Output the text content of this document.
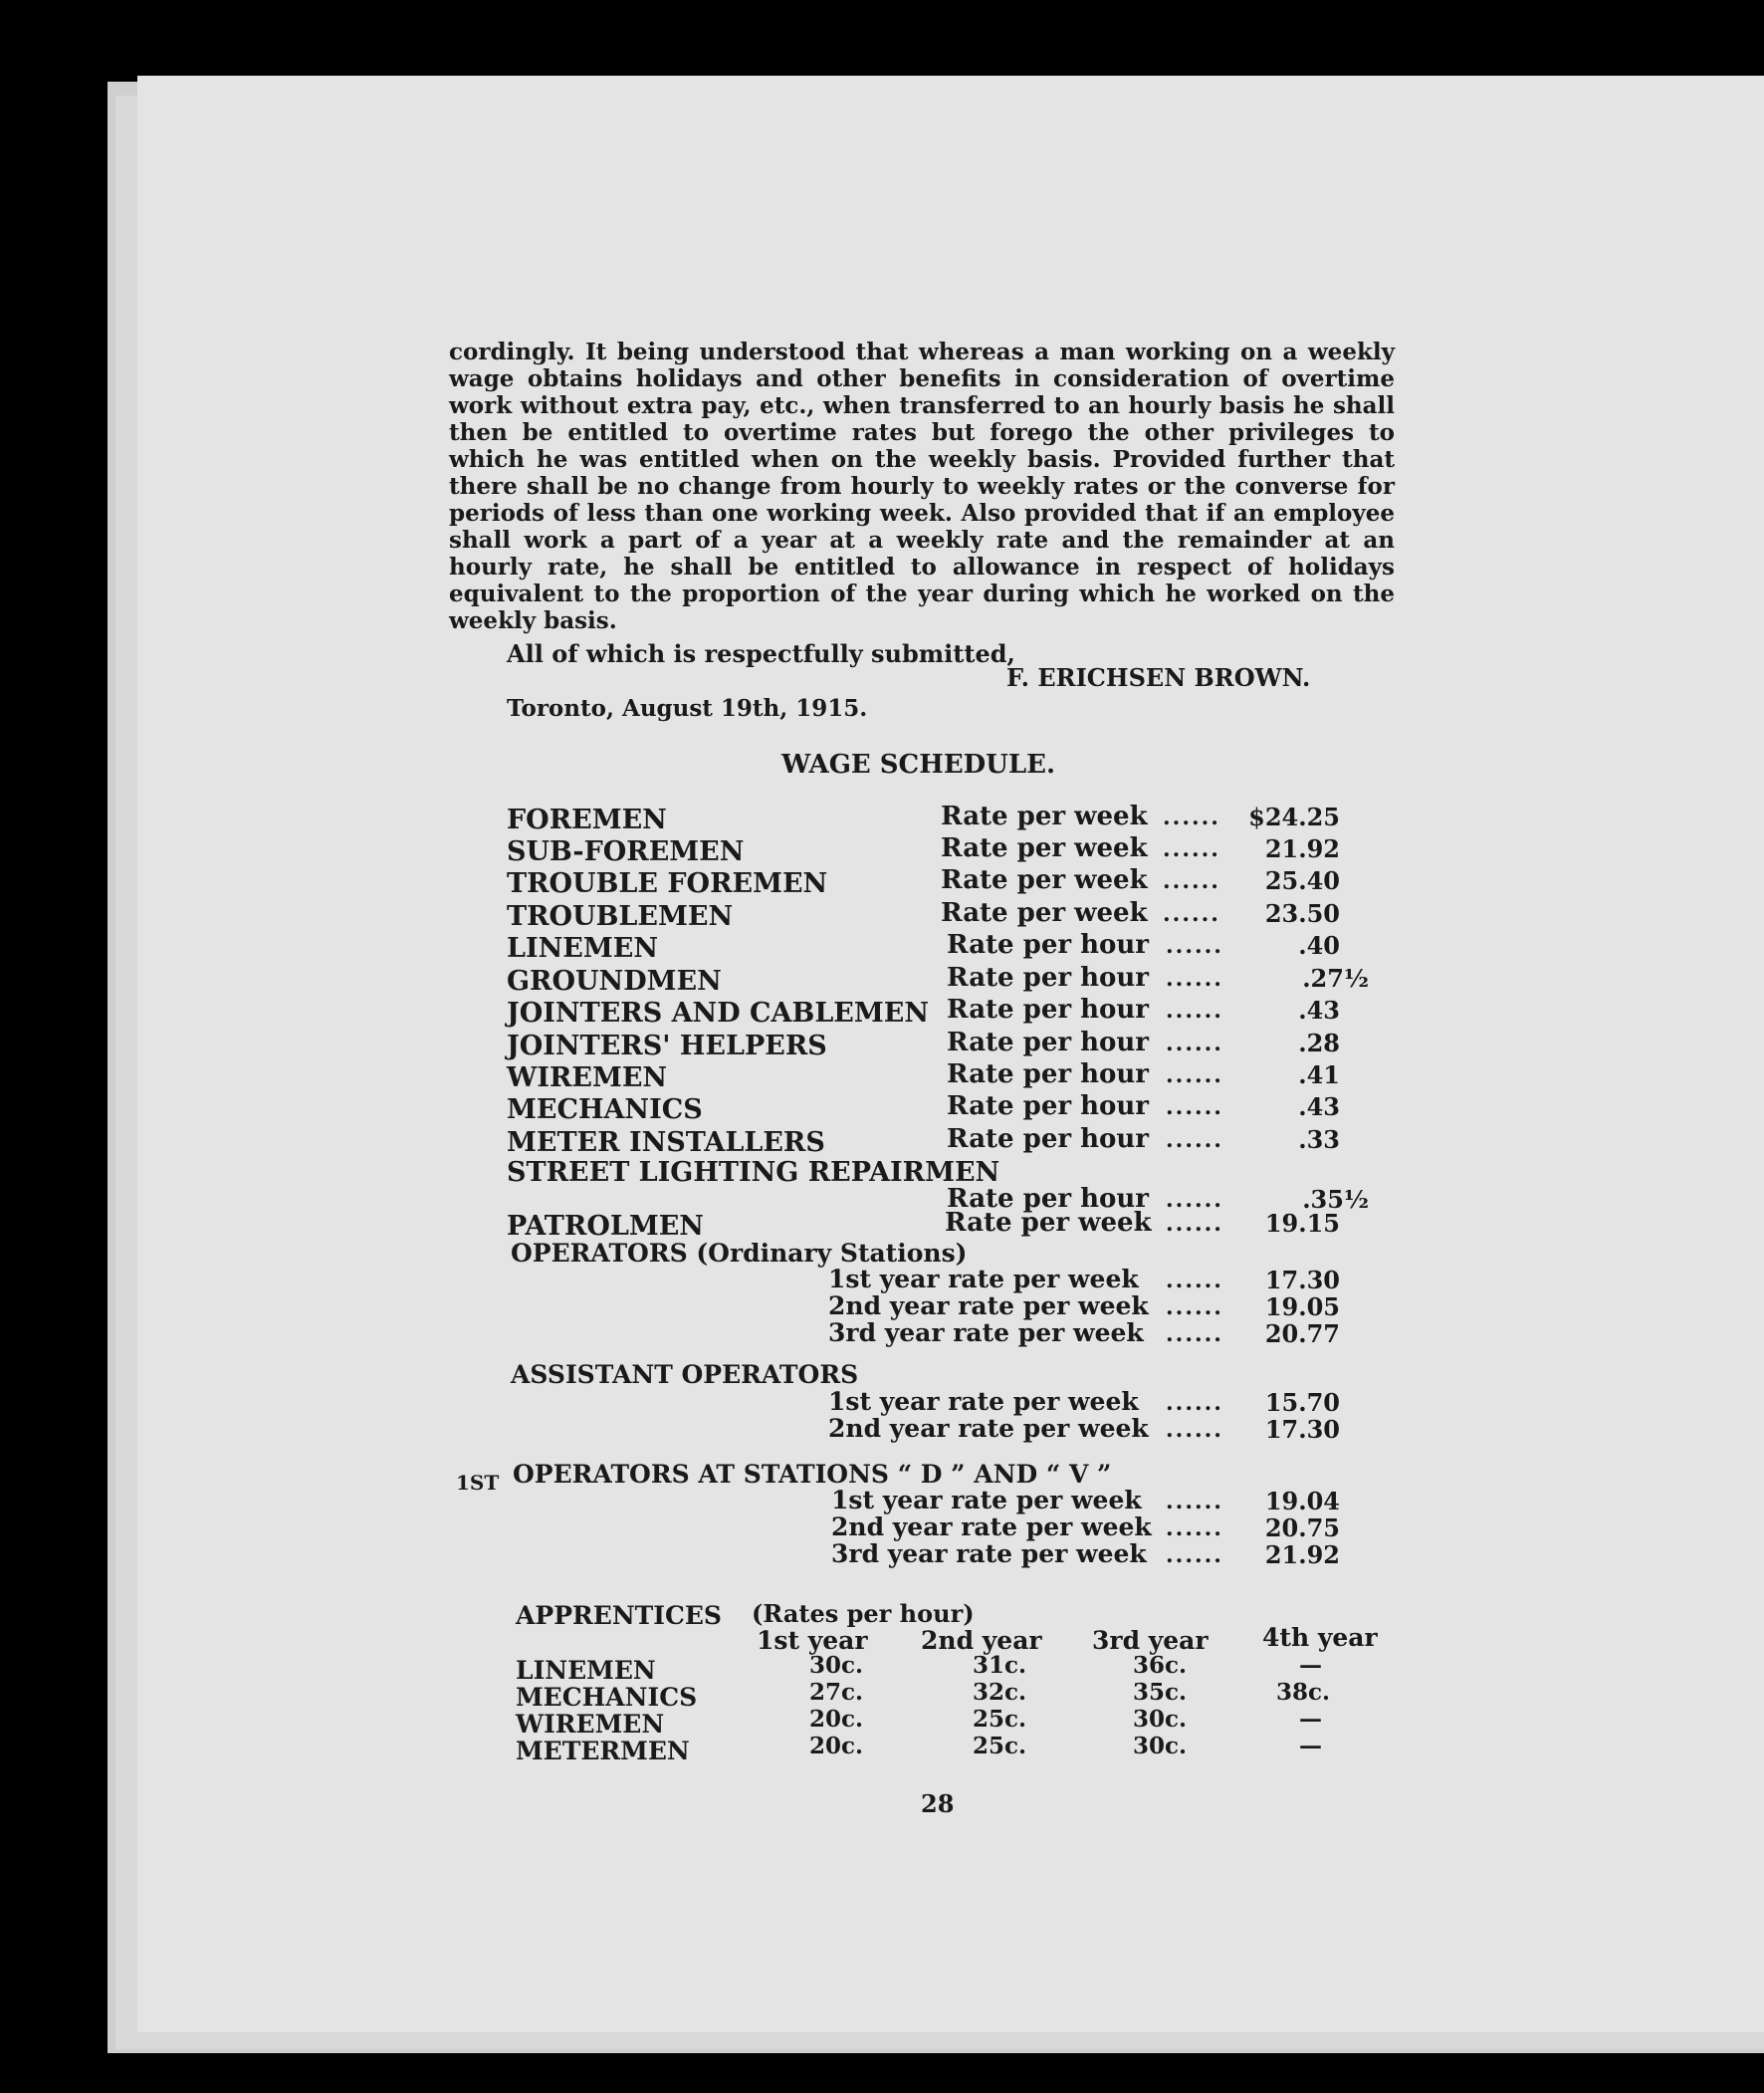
cordingly. It being understood that whereas a man working on a weekly wage obtains holidays and other benefits in consideration of overtime work without extra pay, etc., when transferred to an hourly basis he shall then be entitled to overtime rates but forego the other privileges to which he was entitled when on the weekly basis. Provided further that there shall be no change from hourly to weekly rates or the converse for periods of less than one working week. Also provided that if an employee shall work a part of a year at a weekly rate and the remainder at an hourly rate, he shall be entitled to allowance in respect of holidays equivalent to the proportion of the year during which he worked on the weekly basis.

All of which is respectfully submitted,
F. ERICHSEN BROWN.
Toronto, August 19th, 1915.
WAGE SCHEDULE.
FOREMEN	Rate per week ......	$24.25
SUB-FOREMEN	Rate per week ......	21.92
TROUBLE FOREMEN	Rate per week ......	25.40
TROUBLEMEN	Rate per week ......	23.50
LINEMEN	Rate per hour ......	.40
GROUNDMEN	Rate per hour ......	.27½
JOINTERS AND CABLEMEN Rate per hour ......	.43
JOINTERS' HELPERS	Rate per hour ......	.28
WIREMEN	Rate per hour ......	.41
MECHANICS	Rate per hour ......	.43
METER INSTALLERS	Rate per hour ......	.33
STREET LIGHTING REPAIRMEN
Rate per hour ......	.35½
PATROLMEN	Rate per week ......	19.15
OPERATORS (Ordinary Stations)
1st year rate per week ......	17.30
2nd year rate per week ......	19.05
3rd year rate per week ......	20.77
ASSISTANT OPERATORS
1st year rate per week ......	15.70
2nd year rate per week ......	17.30
1ST OPERATORS AT STATIONS “ D ” AND “ V ”
1st year rate per week ......	19.04
2nd year rate per week ......	20.75
3rd year rate per week ......	21.92
APPRENTICES (Rates per hour)
1st year 2nd year 3rd year 4th year
LINEMEN	30c.	31c.	36c.	—
MECHANICS	27c.	32c.	35c.	38c.
WIREMEN	20c.	25c.	30c.	—
METERMEN	20c.	25c.	30c.	—
28
